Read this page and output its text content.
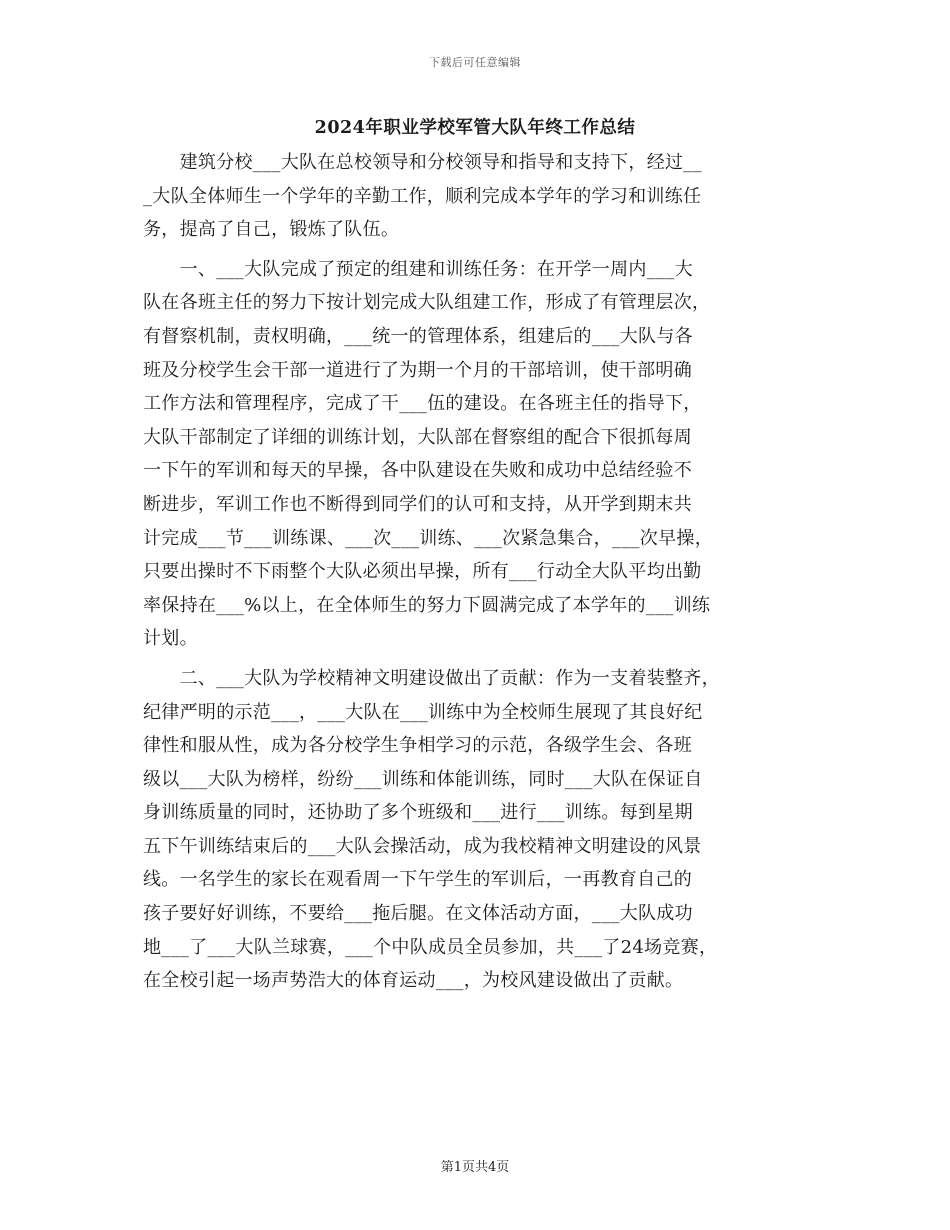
下载后可任意编辑
2024年职业学校军管大队年终工作总结
　　建筑分校___大队在总校领导和分校领导和指导和支持下，经过__
_大队全体师生一个学年的辛勤工作，顺利完成本学年的学习和训练任
务，提高了自己，锻炼了队伍。
　　一、___大队完成了预定的组建和训练任务：在开学一周内___大
队在各班主任的努力下按计划完成大队组建工作，形成了有管理层次，
有督察机制，责权明确，___统一的管理体系，组建后的___大队与各
班及分校学生会干部一道进行了为期一个月的干部培训，使干部明确
工作方法和管理程序，完成了干___伍的建设。在各班主任的指导下，
大队干部制定了详细的训练计划，大队部在督察组的配合下很抓每周
一下午的军训和每天的早操，各中队建设在失败和成功中总结经验不
断进步，军训工作也不断得到同学们的认可和支持，从开学到期末共
计完成___节___训练课、___次___训练、___次紧急集合，___次早操，
只要出操时不下雨整个大队必须出早操，所有___行动全大队平均出勤
率保持在___%以上，在全体师生的努力下圆满完成了本学年的___训练
计划。
　　二、___大队为学校精神文明建设做出了贡献：作为一支着装整齐，
纪律严明的示范___，___大队在___训练中为全校师生展现了其良好纪
律性和服从性，成为各分校学生争相学习的示范，各级学生会、各班
级以___大队为榜样，纷纷___训练和体能训练，同时___大队在保证自
身训练质量的同时，还协助了多个班级和___进行___训练。每到星期
五下午训练结束后的___大队会操活动，成为我校精神文明建设的风景
线。一名学生的家长在观看周一下午学生的军训后，一再教育自己的
孩子要好好训练，不要给___拖后腿。在文体活动方面，___大队成功
地___了___大队兰球赛，___个中队成员全员参加，共___了24场竞赛，
在全校引起一场声势浩大的体育运动___，为校风建设做出了贡献。
第1页共4页
